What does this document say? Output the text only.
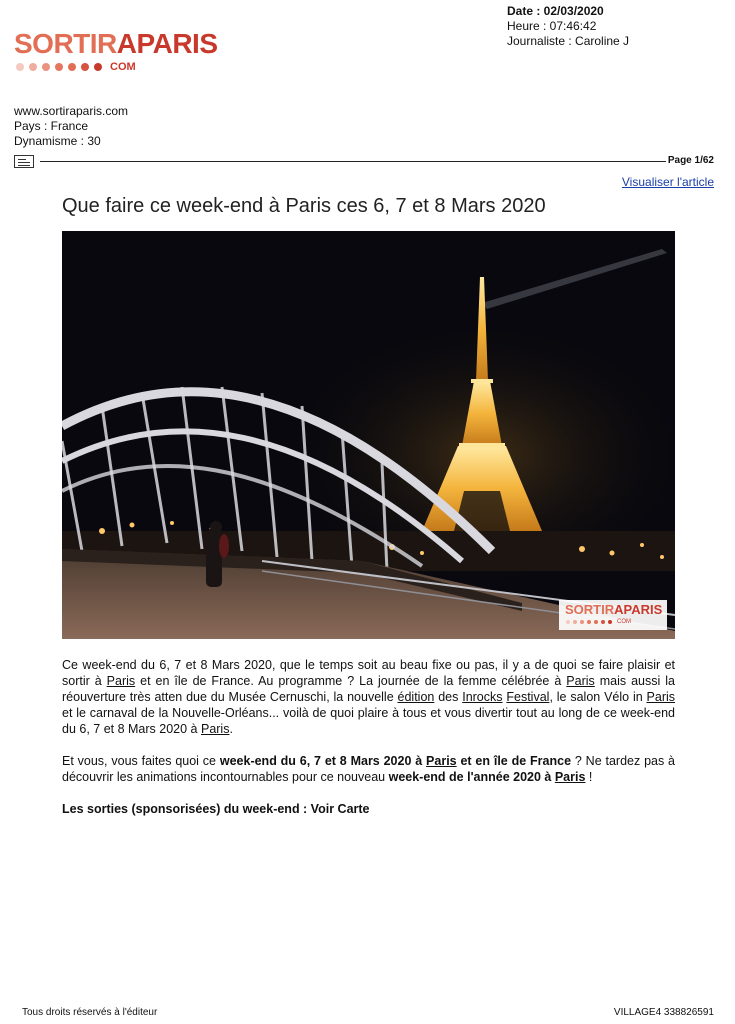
SORTIRAPARIS
COM
Date : 02/03/2020
Heure : 07:46:42
Journaliste : Caroline J
www.sortiraparis.com
Pays : France
Dynamisme : 30
Page 1/62
Visualiser l'article
Que faire ce week-end à Paris ces 6, 7 et 8 Mars 2020
SORTIRAPARIS
COM

Ce week-end du 6, 7 et 8 Mars 2020, que le temps soit au beau fixe ou pas, il y a de quoi se faire plaisir et sortir à Paris et en île de France. Au programme ? La journée de la femme célébrée à Paris mais aussi la réouverture très atten due du Musée Cernuschi, la nouvelle édition des Inrocks Festival, le salon Vélo in Paris et le carnaval de la Nouvelle-Orléans... voilà de quoi plaire à tous et vous divertir tout au long de ce week-end du 6, 7 et 8 Mars 2020 à Paris.

Et vous, vous faites quoi ce week-end du 6, 7 et 8 Mars 2020 à Paris et en île de France ? Ne tardez pas à découvrir les animations incontournables pour ce nouveau week-end de l'année 2020 à Paris !

Les sorties (sponsorisées) du week-end : Voir Carte

Tous droits réservés à l'éditeur	VILLAGE4 338826591
